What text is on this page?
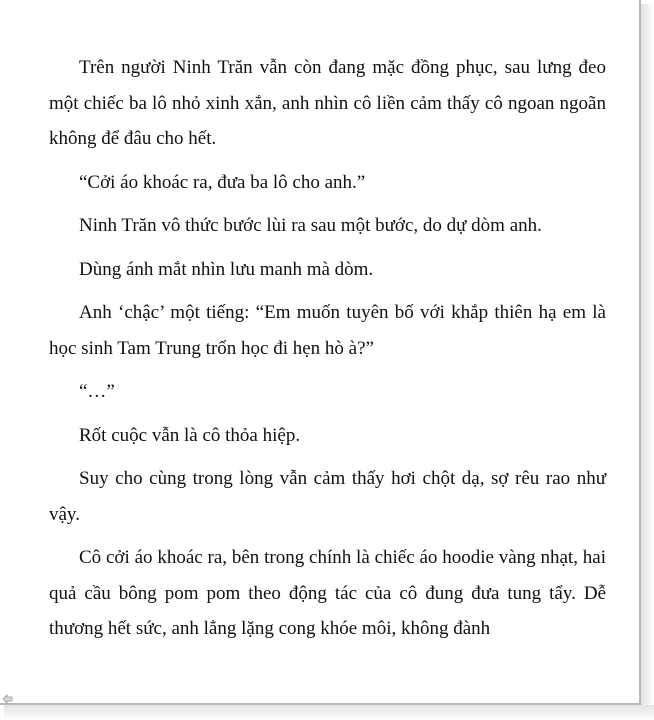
Trên người Ninh Trăn vẫn còn đang mặc đồng phục, sau lưng đeo một chiếc ba lô nhỏ xinh xắn, anh nhìn cô liền cảm thấy cô ngoan ngoãn không để đâu cho hết.

“Cởi áo khoác ra, đưa ba lô cho anh.”

Ninh Trăn vô thức bước lùi ra sau một bước, do dự dòm anh.

Dùng ánh mắt nhìn lưu manh mà dòm.

Anh ‘chậc’ một tiếng: “Em muốn tuyên bố với khắp thiên hạ em là học sinh Tam Trung trốn học đi hẹn hò à?”

“…”

Rốt cuộc vẫn là cô thỏa hiệp.

Suy cho cùng trong lòng vẫn cảm thấy hơi chột dạ, sợ rêu rao như vậy.

Cô cởi áo khoác ra, bên trong chính là chiếc áo hoodie vàng nhạt, hai quả cầu bông pom pom theo động tác của cô đung đưa tung tẩy. Dễ thương hết sức, anh lẳng lặng cong khóe môi, không đành
